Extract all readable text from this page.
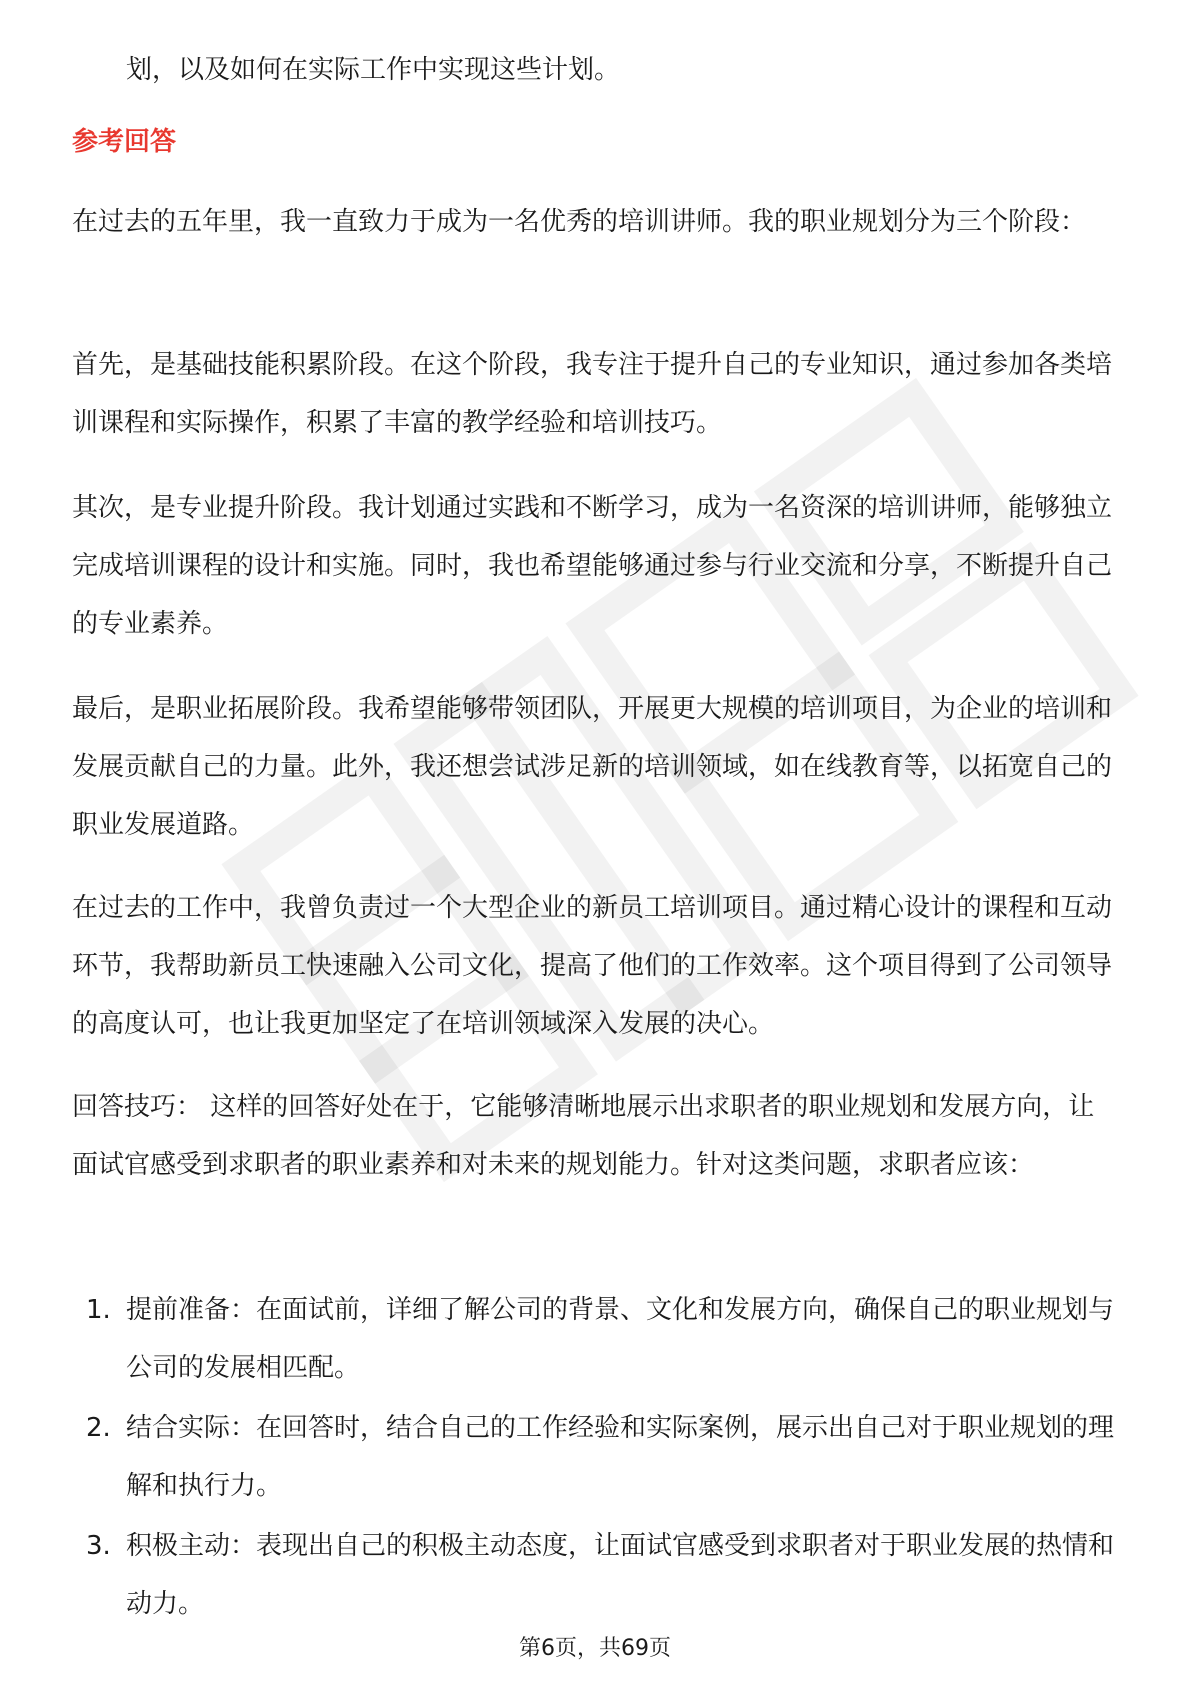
划，以及如何在实际工作中实现这些计划。
参考回答

在过去的五年里，我一直致力于成为一名优秀的培训讲师。我的职业规划分为三个阶段：

首先，是基础技能积累阶段。在这个阶段，我专注于提升自己的专业知识，通过参加各类培训课程和实际操作，积累了丰富的教学经验和培训技巧。

其次，是专业提升阶段。我计划通过实践和不断学习，成为一名资深的培训讲师，能够独立完成培训课程的设计和实施。同时，我也希望能够通过参与行业交流和分享，不断提升自己的专业素养。

最后，是职业拓展阶段。我希望能够带领团队，开展更大规模的培训项目，为企业的培训和发展贡献自己的力量。此外，我还想尝试涉足新的培训领域，如在线教育等，以拓宽自己的职业发展道路。

在过去的工作中，我曾负责过一个大型企业的新员工培训项目。通过精心设计的课程和互动环节，我帮助新员工快速融入公司文化，提高了他们的工作效率。这个项目得到了公司领导的高度认可，也让我更加坚定了在培训领域深入发展的决心。

回答技巧： 这样的回答好处在于，它能够清晰地展示出求职者的职业规划和发展方向，让面试官感受到求职者的职业素养和对未来的规划能力。针对这类问题，求职者应该：

1. 提前准备：在面试前，详细了解公司的背景、文化和发展方向，确保自己的职业规划与公司的发展相匹配。
2. 结合实际：在回答时，结合自己的工作经验和实际案例，展示出自己对于职业规划的理解和执行力。
3. 积极主动：表现出自己的积极主动态度，让面试官感受到求职者对于职业发展的热情和动力。
第6页，共69页
